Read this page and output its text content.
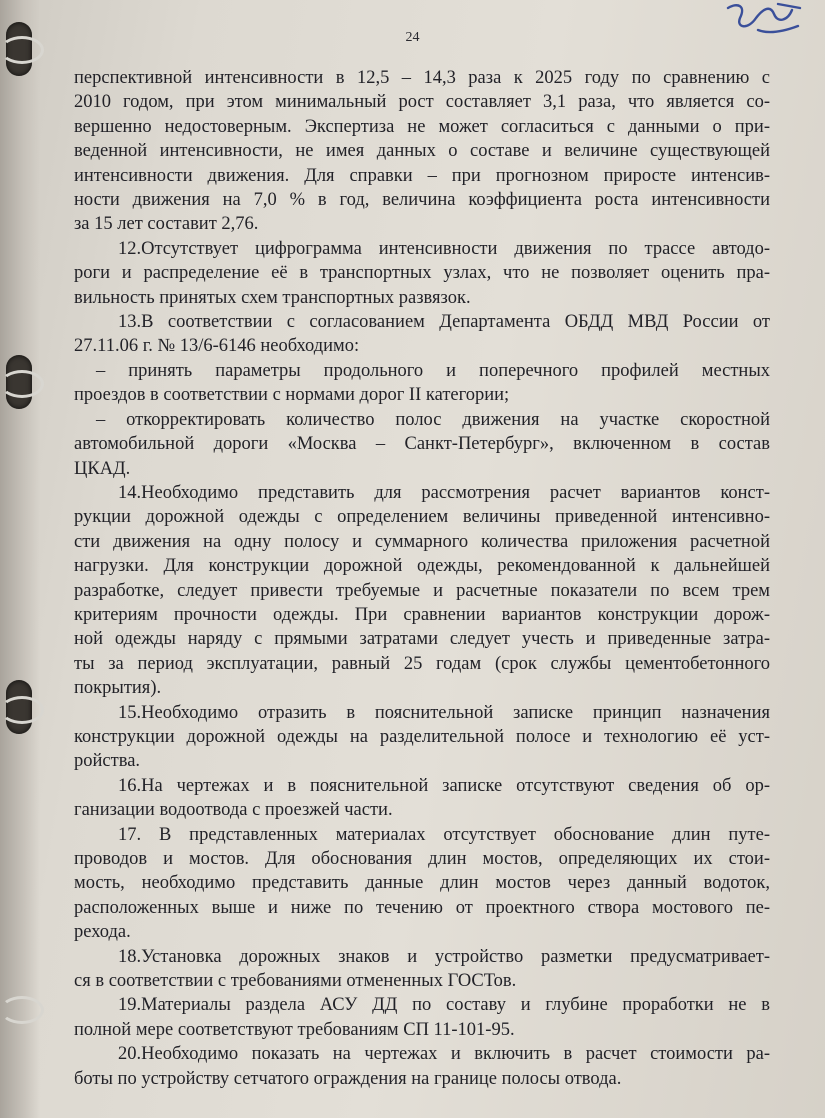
24
перспективной интенсивности в 12,5 – 14,3 раза к 2025 году по сравнению с
2010 годом, при этом минимальный рост составляет 3,1 раза, что является со-
вершенно недостоверным. Экспертиза не может согласиться с данными о при-
веденной интенсивности, не имея данных о составе и величине существующей
интенсивности движения. Для справки – при прогнозном приросте интенсив-
ности движения на 7,0 % в год, величина коэффициента роста интенсивности
за 15 лет составит 2,76.
12.Отсутствует цифрограмма интенсивности движения по трассе автодо-
роги и распределение её в транспортных узлах, что не позволяет оценить пра-
вильность принятых схем транспортных развязок.
13.В соответствии с согласованием Департамента ОБДД МВД России от
27.11.06 г. № 13/6-6146 необходимо:
– принять параметры продольного и поперечного профилей местных
проездов в соответствии с нормами дорог II категории;
– откорректировать количество полос движения на участке скоростной
автомобильной дороги «Москва – Санкт-Петербург», включенном в состав
ЦКАД.
14.Необходимо представить для рассмотрения расчет вариантов конст-
рукции дорожной одежды с определением величины приведенной интенсивно-
сти движения на одну полосу и суммарного количества приложения расчетной
нагрузки. Для конструкции дорожной одежды, рекомендованной к дальнейшей
разработке, следует привести требуемые и расчетные показатели по всем трем
критериям прочности одежды. При сравнении вариантов конструкции дорож-
ной одежды наряду с прямыми затратами следует учесть и приведенные затра-
ты за период эксплуатации, равный 25 годам (срок службы цементобетонного
покрытия).
15.Необходимо отразить в пояснительной записке принцип назначения
конструкции дорожной одежды на разделительной полосе и технологию её уст-
ройства.
16.На чертежах и в пояснительной записке отсутствуют сведения об ор-
ганизации водоотвода с проезжей части.
17. В представленных материалах отсутствует обоснование длин путе-
проводов и мостов. Для обоснования длин мостов, определяющих их стои-
мость, необходимо представить данные длин мостов через данный водоток,
расположенных выше и ниже по течению от проектного створа мостового пе-
рехода.
18.Установка дорожных знаков и устройство разметки предусматривает-
ся в соответствии с требованиями отмененных ГОСТов.
19.Материалы раздела АСУ ДД по составу и глубине проработки не в
полной мере соответствуют требованиям СП 11-101-95.
20.Необходимо показать на чертежах и включить в расчет стоимости ра-
боты по устройству сетчатого ограждения на границе полосы отвода.
